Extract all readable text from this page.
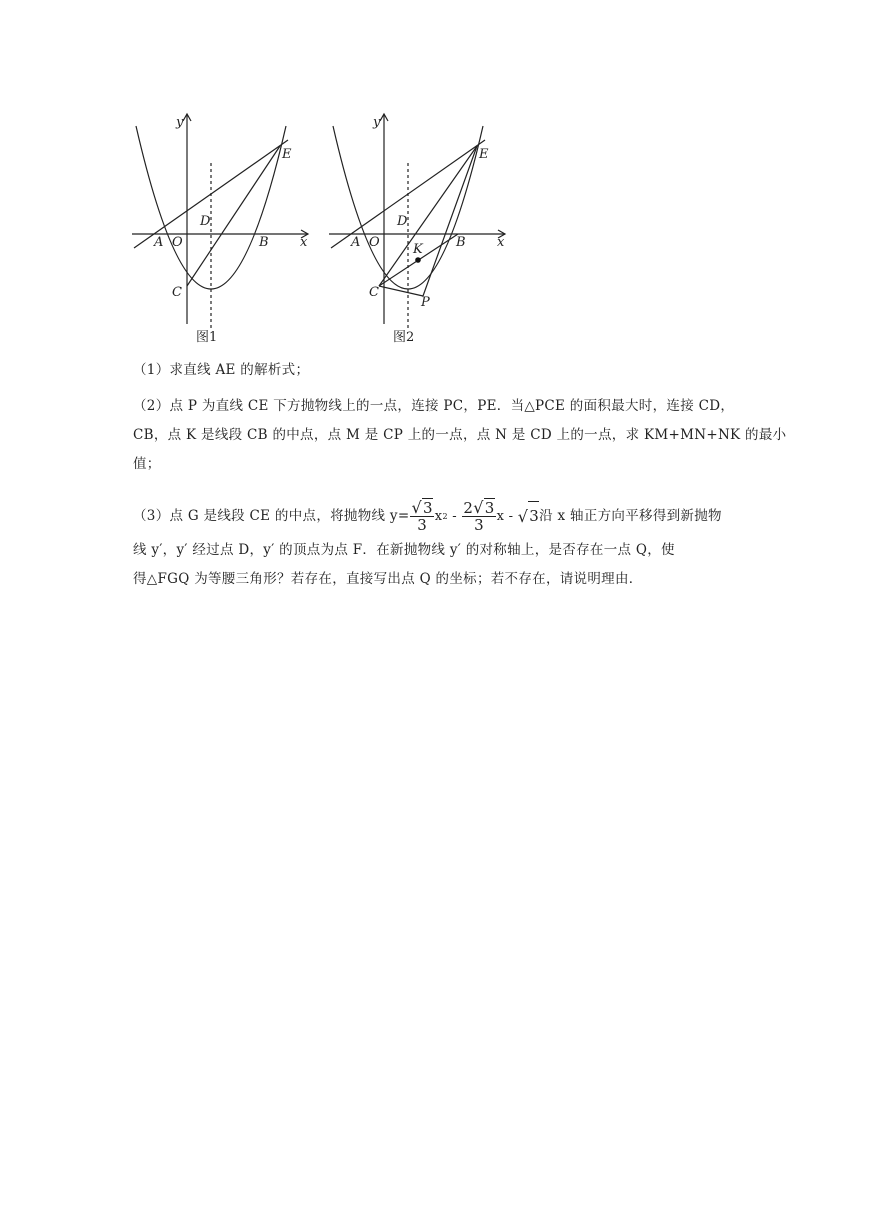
y
x
E
D
A O	B
C
图1
y
x
E
D
A O	B
K
C
P
图2
（1）求直线 AE 的解析式；
（2）点 P 为直线 CE 下方抛物线上的一点，连接 PC，PE．当△PCE 的面积最大时，连接 CD，
CB，点 K 是线段 CB 的中点，点 M 是 CP 上的一点，点 N 是 CD 上的一点，求 KM+MN+NK 的最小
值；
（3）点 G 是线段 CE 的中点，将抛物线 $y= \frac{√3}{3}$ x $2 - \frac{2√3}{3}$ x - √ 3 沿 x 轴正方向平移得到新抛物
线 y′，y′ 经过点 D，y′ 的顶点为点 F．在新抛物线 y′ 的对称轴上，是否存在一点 Q，使
得△FGQ 为等腰三角形？若存在，直接写出点 Q 的坐标；若不存在，请说明理由．
